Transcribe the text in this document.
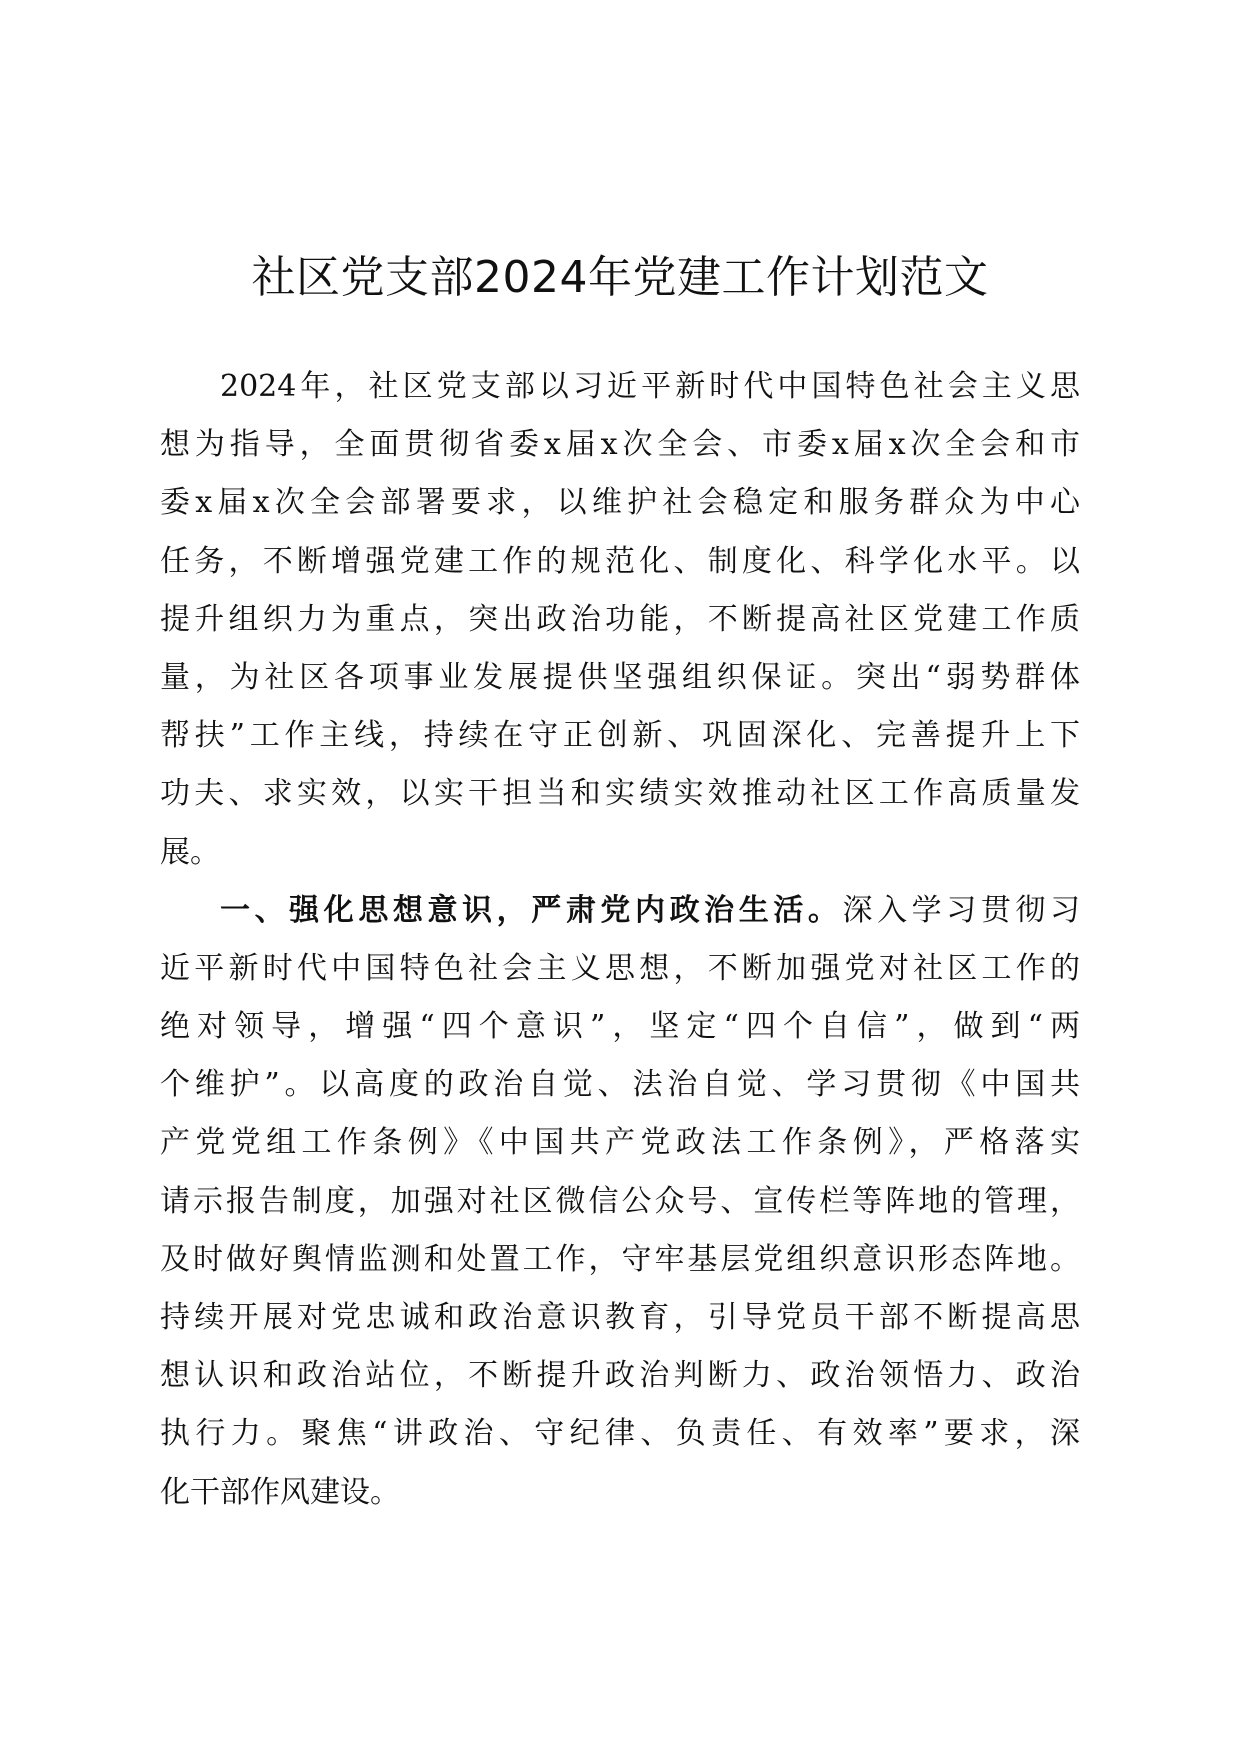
社区党支部2024年党建工作计划范文

2024年，社区党支部以习近平新时代中国特色社会主义思
想为指导，全面贯彻省委x届x次全会、市委x届x次全会和市
委x届x次全会部署要求，以维护社会稳定和服务群众为中心
任务，不断增强党建工作的规范化、制度化、科学化水平。以
提升组织力为重点，突出政治功能，不断提高社区党建工作质
量，为社区各项事业发展提供坚强组织保证。突出“弱势群体
帮扶”工作主线，持续在守正创新、巩固深化、完善提升上下
功夫、求实效，以实干担当和实绩实效推动社区工作高质量发
展。

一、强化思想意识，严肃党内政治生活。深入学习贯彻习
近平新时代中国特色社会主义思想，不断加强党对社区工作的
绝对领导，增强“四个意识”，坚定“四个自信”，做到“两
个维护”。以高度的政治自觉、法治自觉、学习贯彻《中国共
产党党组工作条例》《中国共产党政法工作条例》，严格落实
请示报告制度，加强对社区微信公众号、宣传栏等阵地的管理，
及时做好舆情监测和处置工作，守牢基层党组织意识形态阵地。
持续开展对党忠诚和政治意识教育，引导党员干部不断提高思
想认识和政治站位，不断提升政治判断力、政治领悟力、政治
执行力。聚焦“讲政治、守纪律、负责任、有效率”要求，深
化干部作风建设。
